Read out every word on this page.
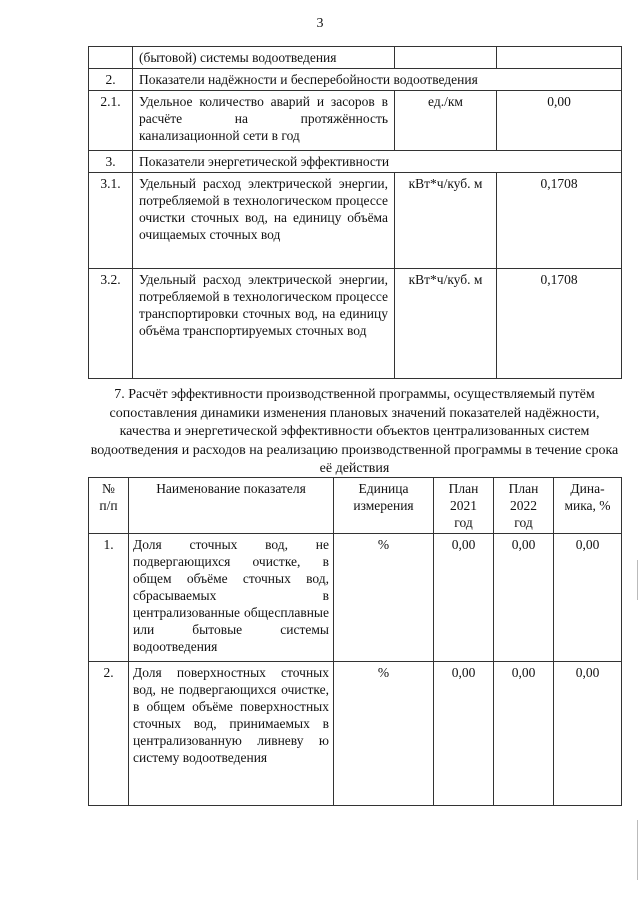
3
	(бытовой) системы водоотведения		
2.	Показатели надёжности и бесперебойности водоотведения		
2.1.	Удельное количество аварий и засоров в расчёте на протяжённость канализационной сети в год	ед./км	0,00
3.	Показатели энергетической эффективности		
3.1.	Удельный расход электрической энергии, потребляемой в технологическом процессе очистки сточных вод, на единицу объёма очищаемых сточных вод	кВт*ч/куб. м	0,1708
3.2.	Удельный расход электрической энергии, потребляемой в технологическом процессе транспортировки сточных вод, на единицу объёма транспортируемых сточных вод	кВт*ч/куб. м	0,1708
7. Расчёт эффективности производственной программы, осуществляемый путём сопоставления динамики изменения плановых значений показателей надёжности, качества и энергетической эффективности объектов централизованных систем водоотведения и расходов на реализацию производственной программы в течение срока её действия
№ п/п	Наименование показателя	Единица измерения	План 2021 год	План 2022 год	Дина-мика, %
1.	Доля сточных вод, не подвергающихся очистке, в общем объёме сточных вод, сбрасываемых в централизованные общесплавные или бытовые системы водоотведения	%	0,00	0,00	0,00
2.	Доля поверхностных сточных вод, не подвергающихся очистке, в общем объёме поверхностных сточных вод, принимаемых в централизованную ливневу ю систему водоотведения	%	0,00	0,00	0,00
